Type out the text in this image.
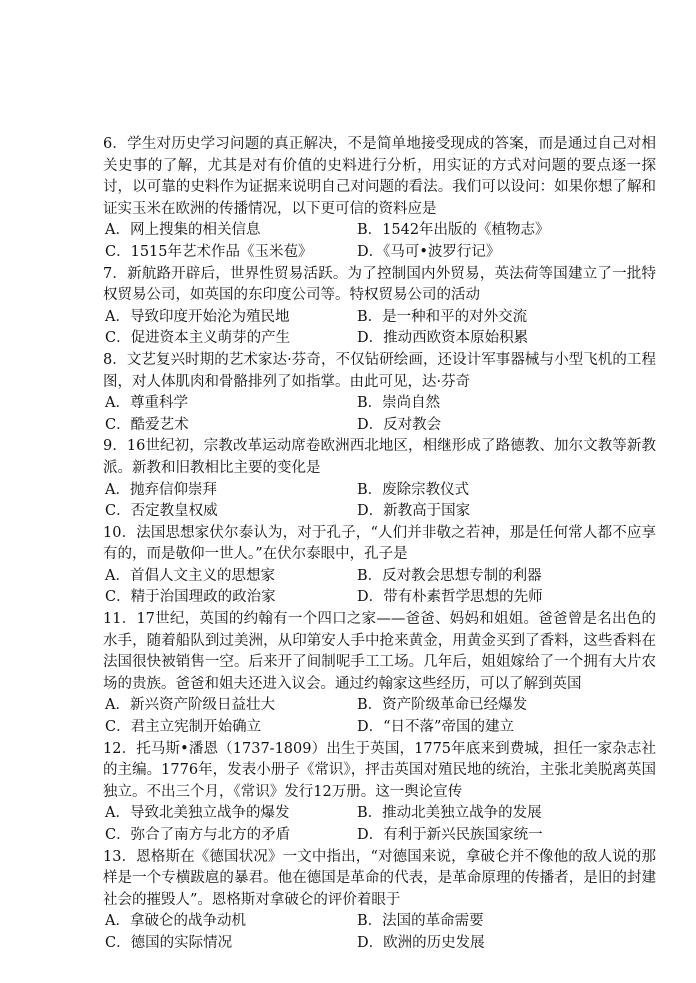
6．学生对历史学习问题的真正解决，不是简单地接受现成的答案，而是通过自己对相关史事的了解，尤其是对有价值的史料进行分析，用实证的方式对问题的要点逐一探讨，以可靠的史料作为证据来说明自己对问题的看法。我们可以设问：如果你想了解和证实玉米在欧洲的传播情况，以下更可信的资料应是

A．网上搜集的相关信息	B．1542年出版的《植物志》
C．1515年艺术作品《玉米苞》	D．《马可•波罗行记》

7．新航路开辟后，世界性贸易活跃。为了控制国内外贸易，英法荷等国建立了一批特权贸易公司，如英国的东印度公司等。特权贸易公司的活动

A．导致印度开始沦为殖民地	B．是一种和平的对外交流
C．促进资本主义萌芽的产生	D．推动西欧资本原始积累

8．文艺复兴时期的艺术家达·芬奇，不仅钻研绘画，还设计军事器械与小型飞机的工程图，对人体肌肉和骨骼排列了如指掌。由此可见，达·芬奇

A．尊重科学	B．崇尚自然
C．酷爱艺术	D．反对教会

9．16世纪初，宗教改革运动席卷欧洲西北地区，相继形成了路德教、加尔文教等新教派。新教和旧教相比主要的变化是

A．抛弃信仰崇拜	B．废除宗教仪式
C．否定教皇权威	D．新教高于国家

10．法国思想家伏尔泰认为，对于孔子，“人们并非敬之若神，那是任何常人都不应享有的，而是敬仰一世人。”在伏尔泰眼中，孔子是

A．首倡人文主义的思想家	B．反对教会思想专制的利器
C．精于治国理政的政治家	D．带有朴素哲学思想的先师

11．17世纪，英国的约翰有一个四口之家——爸爸、妈妈和姐姐。爸爸曾是名出色的水手，随着船队到过美洲，从印第安人手中抢来黄金，用黄金买到了香料，这些香料在法国很快被销售一空。后来开了间制呢手工工场。几年后，姐姐嫁给了一个拥有大片农场的贵族。爸爸和姐夫还进入议会。通过约翰家这些经历，可以了解到英国

A．新兴资产阶级日益壮大	B．资产阶级革命已经爆发
C．君主立宪制开始确立	D．“日不落”帝国的建立

12．托马斯•潘恩（1737-1809）出生于英国，1775年底来到费城，担任一家杂志社的主编。1776年，发表小册子《常识》，抨击英国对殖民地的统治，主张北美脱离英国独立。不出三个月，《常识》发行12万册。这一舆论宣传

A．导致北美独立战争的爆发	B．推动北美独立战争的发展
C．弥合了南方与北方的矛盾	D．有利于新兴民族国家统一

13．恩格斯在《德国状况》一文中指出，“对德国来说，拿破仑并不像他的敌人说的那样是一个专横跋扈的暴君。他在德国是革命的代表，是革命原理的传播者，是旧的封建社会的摧毁人”。恩格斯对拿破仑的评价着眼于

A．拿破仑的战争动机	B．法国的革命需要
C．德国的实际情况	D．欧洲的历史发展
